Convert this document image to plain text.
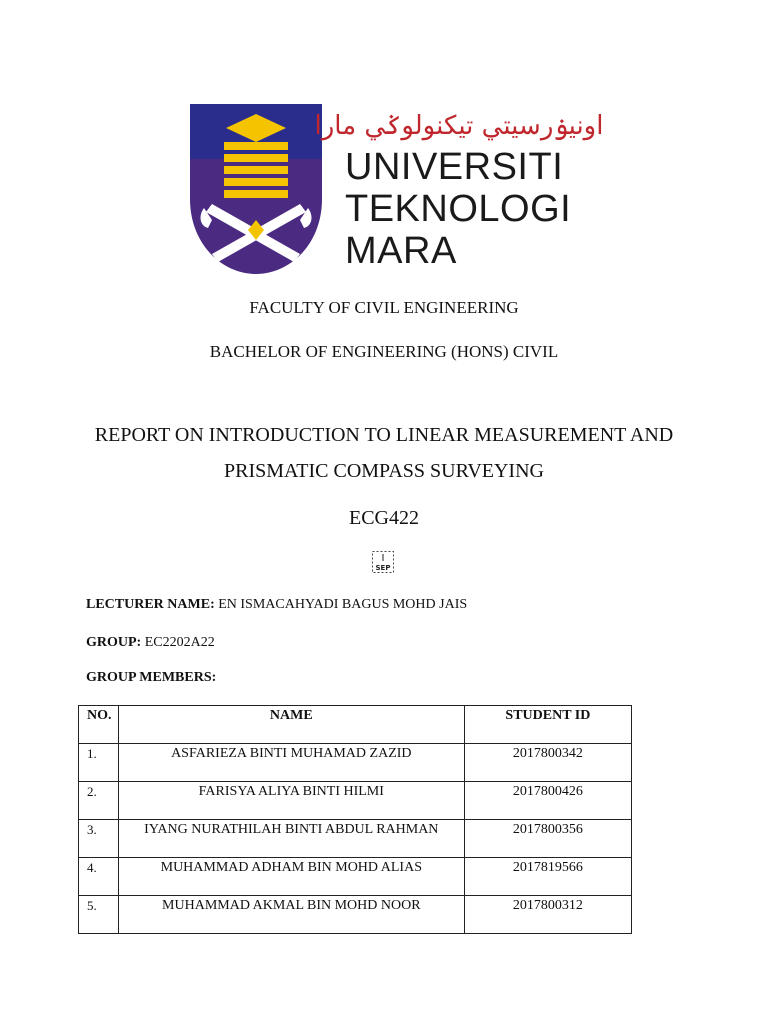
اونيۏرسيتي تيكنولوݢي مارا
UNIVERSITI
TEKNOLOGI
MARA
FACULTY OF CIVIL ENGINEERING
BACHELOR OF ENGINEERING (HONS) CIVIL
REPORT ON INTRODUCTION TO LINEAR MEASUREMENT AND
PRISMATIC COMPASS SURVEYING
ECG422
SEP
LECTURER NAME: EN ISMACAHYADI BAGUS MOHD JAIS
GROUP: EC2202A22
GROUP MEMBERS:
NO.	NAME	STUDENT ID

1.	ASFARIEZA BINTI MUHAMAD ZAZID	2017800342

2.	FARISYA ALIYA BINTI HILMI	2017800426

3.	IYANG NURATHILAH BINTI ABDUL RAHMAN	2017800356

4.	MUHAMMAD ADHAM BIN MOHD ALIAS	2017819566

5.	MUHAMMAD AKMAL BIN MOHD NOOR	2017800312
